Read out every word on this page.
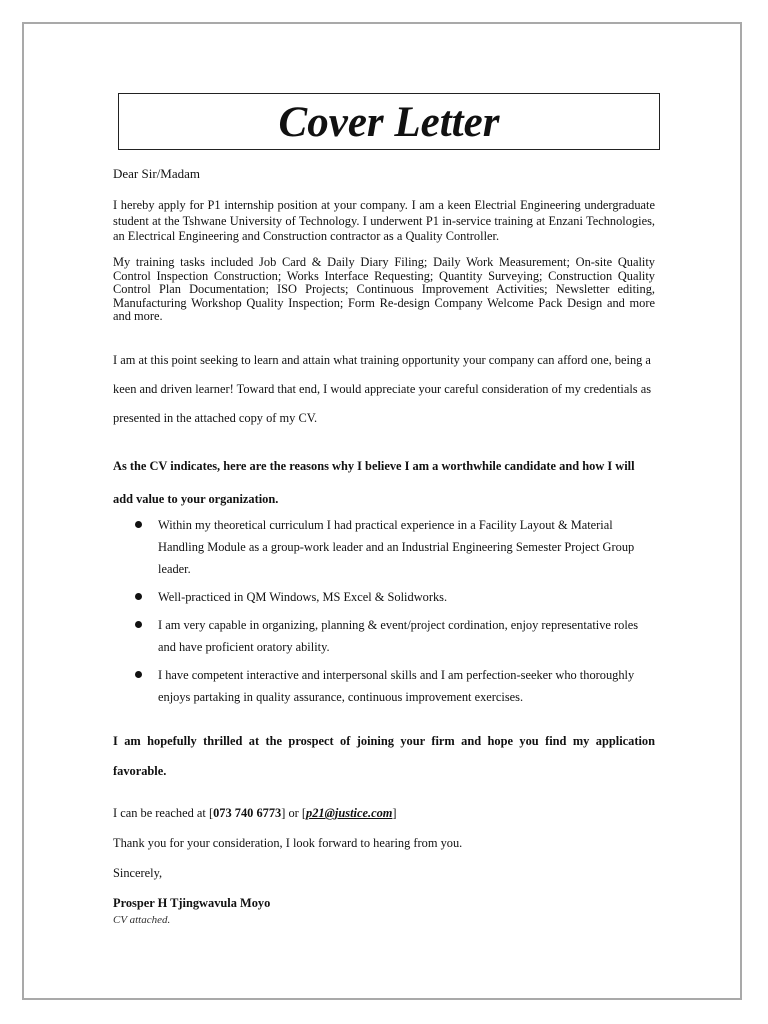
Cover Letter

Dear Sir/Madam

I hereby apply for P1 internship position at your company. I am a keen Electrial Engineering undergraduate student at the Tshwane University of Technology. I underwent P1 in-service training at Enzani Technologies, an Electrical Engineering and Construction contractor as a Quality Controller.

My training tasks included Job Card & Daily Diary Filing; Daily Work Measurement; On-site Quality Control Inspection Construction; Works Interface Requesting; Quantity Surveying; Construction Quality Control Plan Documentation; ISO Projects; Continuous Improvement Activities; Newsletter editing, Manufacturing Workshop Quality Inspection; Form Re-design Company Welcome Pack Design and more and more.

I am at this point seeking to learn and attain what training opportunity your company can afford one, being a keen and driven learner! Toward that end, I would appreciate your careful consideration of my credentials as presented in the attached copy of my CV.

As the CV indicates, here are the reasons why I believe I am a worthwhile candidate and how I will add value to your organization.

Within my theoretical curriculum I had practical experience in a Facility Layout & Material Handling Module as a group-work leader and an Industrial Engineering Semester Project Group leader.
Well-practiced in QM Windows, MS Excel & Solidworks.
I am very capable in organizing, planning & event/project cordination, enjoy representative roles and have proficient oratory ability.
I have competent interactive and interpersonal skills and I am perfection-seeker who thoroughly enjoys partaking in quality assurance, continuous improvement exercises.

I am hopefully thrilled at the prospect of joining your firm and hope you find my application favorable.

I can be reached at [073 740 6773] or [p21@justice.com]

Thank you for your consideration, I look forward to hearing from you.

Sincerely,

Prosper H Tjingwavula Moyo

CV attached.
